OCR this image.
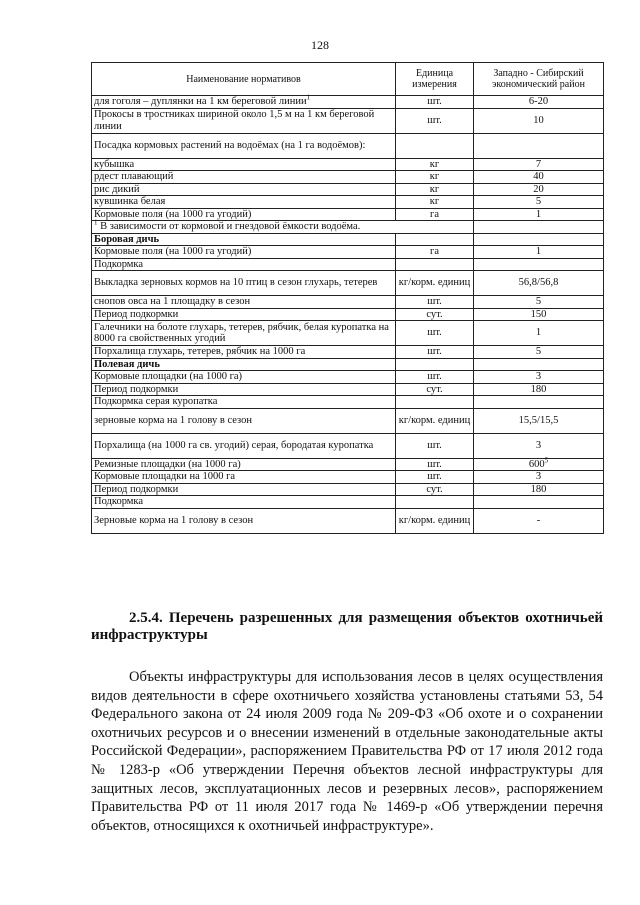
128
Наименование нормативов	Единица измерения	Западно - Сибирский экономический район
для гоголя – дуплянки на 1 км береговой линии$^1$	шт.	6-20
Прокосы в тростниках шириной около 1,5 м на 1 км береговой линии	шт.	10
Посадка кормовых растений на водоёмах (на 1 га водоёмов):		
кубышка	кг	7
рдест плавающий	кг	40
рис дикий	кг	20
кувшинка белая	кг	5
Кормовые поля (на 1000 га угодий)	га	1
$^1$ В зависимости от кормовой и гнездовой ёмкости водоёма.		
Боровая дичь		
Кормовые поля (на 1000 га угодий)	га	1
Подкормка		
Выкладка зерновых кормов на 10 птиц в сезон глухарь, тетерев	кг/корм. единиц	56,8/56,8
снопов овса на 1 площадку в сезон	шт.	5
Период подкормки	сут.	150
Галечники на болоте глухарь, тетерев, рябчик, белая куропатка на 8000 га свойственных угодий	шт.	1
Порхалища глухарь, тетерев, рябчик на 1000 га	шт.	5
Полевая дичь		
Кормовые площадки (на 1000 га)	шт.	3
Период подкормки	сут.	180
Подкормка серая куропатка		
зерновые корма на 1 голову в сезон	кг/корм. единиц	15,5/15,5
Порхалища (на 1000 га св. угодий) серая, бородатая куропатка	шт.	3
Ремизные площадки (на 1000 га)	шт.	$600^5$
Кормовые площадки на 1000 га	шт.	3
Период подкормки	сут.	180
Подкормка		
Зерновые корма на 1 голову в сезон	кг/корм. единиц	-
2.5.4. Перечень разрешенных для размещения объектов охотничьей инфраструктуры
Объекты инфраструктуры для использования лесов в целях осуществления видов деятельности в сфере охотничьего хозяйства установлены статьями 53, 54 Федерального закона от 24 июля 2009 года № 209-ФЗ «Об охоте и о сохранении охотничьих ресурсов и о внесении изменений в отдельные законодательные акты Российской Федерации», распоряжением Правительства РФ от 17 июля 2012 года № 1283-р «Об утверждении Перечня объектов лесной инфраструктуры для защитных лесов, эксплуатационных лесов и резервных лесов», распоряжением Правительства РФ от 11 июля 2017 года № 1469-р «Об утверждении перечня объектов, относящихся к охотничьей инфраструктуре».
